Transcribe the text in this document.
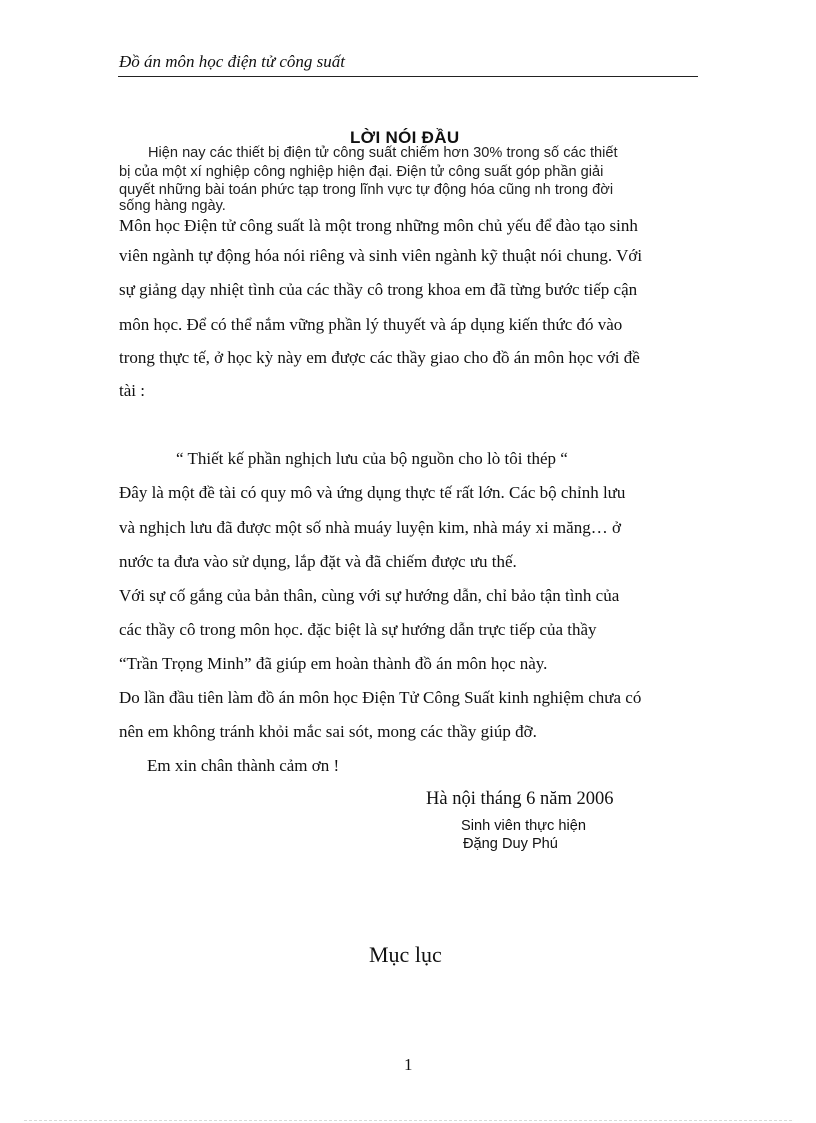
Đồ án môn học điện tử công suất
LỜI NÓI ĐẦU
Hiện nay các thiết bị điện tử công suất chiếm hơn 30% trong số các thiết
bị của một xí nghiệp công nghiệp hiện đại. Điện tử công suất góp phần giải
quyết những bài toán phức tạp trong lĩnh vực tự động hóa cũng nh trong đời
sống hàng ngày.
Môn học Điện tử công suất là một trong những môn chủ yếu để đào tạo sinh
viên ngành tự động hóa nói riêng và sinh viên ngành kỹ thuật nói chung. Với
sự giảng dạy nhiệt tình của các thầy cô trong khoa em đã từng bước tiếp cận
môn học. Để có thể nắm vững phần lý thuyết và áp dụng kiến thức đó vào
trong thực tế, ở học kỳ này em được các thầy giao cho đồ án môn học với đề
tài :
“ Thiết kế phần nghịch lưu của bộ nguồn cho lò tôi thép “
Đây là một đề tài có quy mô và ứng dụng thực tế rất lớn. Các bộ chỉnh lưu
và nghịch lưu đã được một số nhà muáy luyện kim, nhà máy xi măng… ở
nước ta đưa vào sử dụng, lắp đặt và đã chiếm được ưu thế.
Với sự cố gắng của bản thân, cùng với sự hướng dẫn, chỉ bảo tận tình của
các thầy cô trong môn học. đặc biệt là sự hướng dẫn trực tiếp của thầy
“Trần Trọng Minh” đã giúp em hoàn thành đồ án môn học này.
Do lần đầu tiên làm đồ án môn học Điện Tử Công Suất kinh nghiệm chưa có
nên em không tránh khỏi mắc sai sót, mong các thầy giúp đỡ.
Em xin chân thành cảm ơn !
Hà nội tháng 6 năm 2006
Sinh viên thực hiện
Đặng Duy Phú
Mục lục
1
